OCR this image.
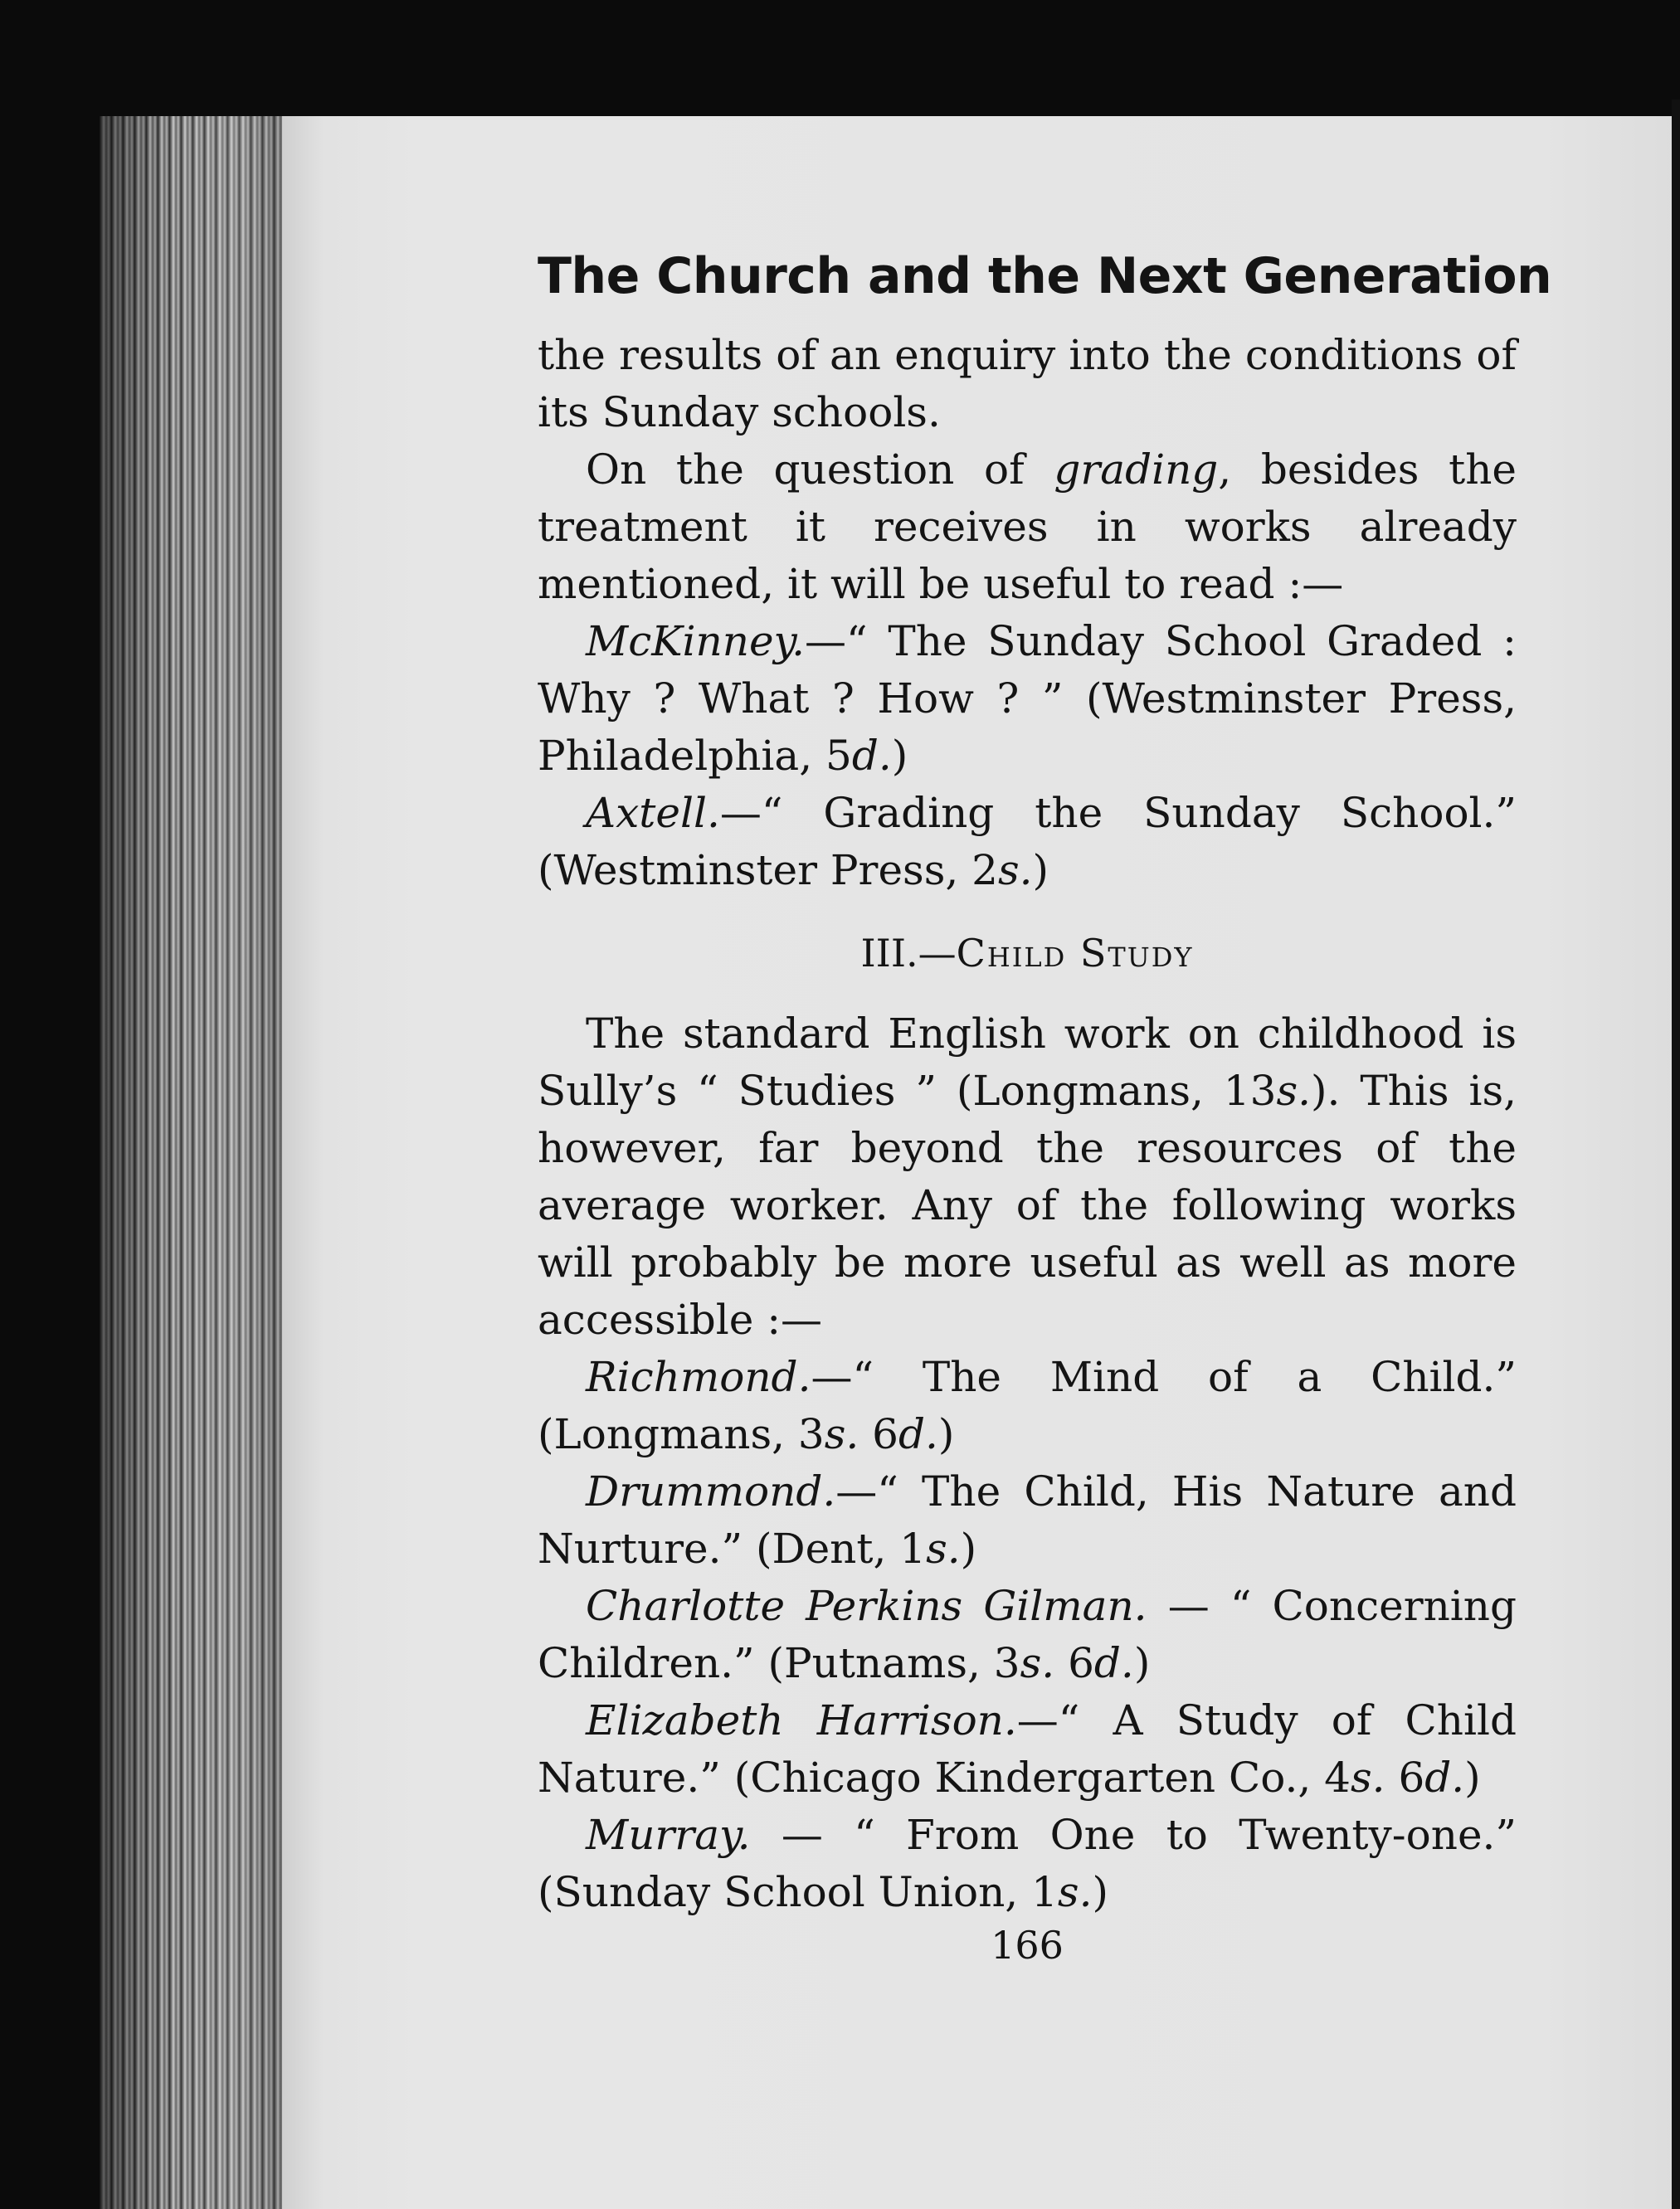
The Church and the Next Generation

the results of an enquiry into the conditions of its Sunday schools.

On the question of grading, besides the treatment it receives in works already mentioned, it will be useful to read :—

McKinney.—“ The Sunday School Graded : Why ? What ? How ? ” (Westminster Press, Philadelphia, 5d.)

Axtell.—“ Grading the Sunday School.” (Westminster Press, 2s.)

III.—Child Study

The standard English work on childhood is Sully’s “ Studies ” (Longmans, 13s.). This is, however, far beyond the resources of the average worker. Any of the following works will probably be more useful as well as more accessible :—

Richmond.—“ The Mind of a Child.” (Longmans, 3s. 6d.)

Drummond.—“ The Child, His Nature and Nurture.” (Dent, 1s.)

Charlotte Perkins Gilman. — “ Concerning Children.” (Putnams, 3s. 6d.)

Elizabeth Harrison.—“ A Study of Child Nature.” (Chicago Kindergarten Co., 4s. 6d.)

Murray. — “ From One to Twenty-one.” (Sunday School Union, 1s.)

166
